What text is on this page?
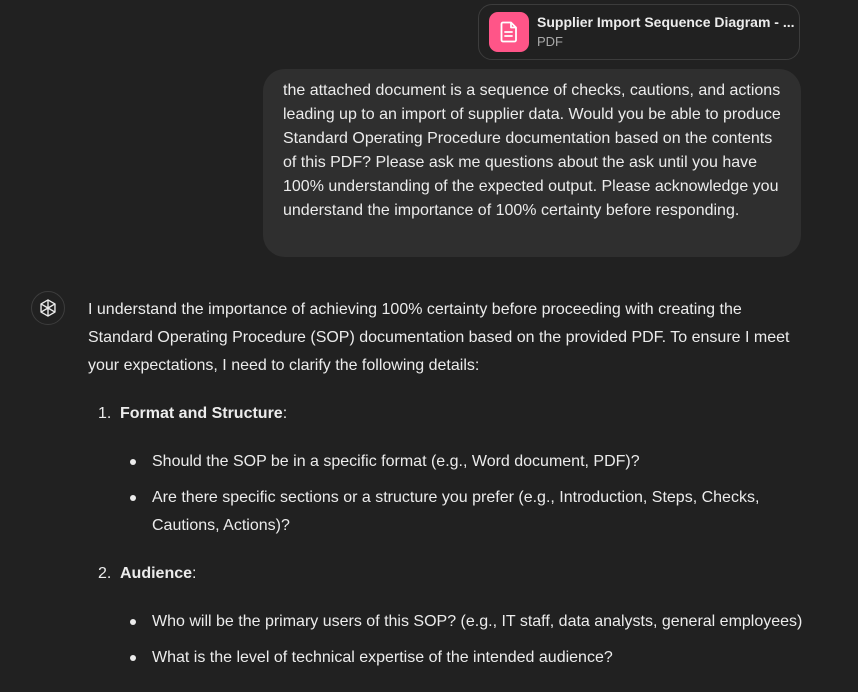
Supplier Import Sequence Diagram - ...
PDF
the attached document is a sequence of checks, cautions, and actions leading up to an import of supplier data. Would you be able to produce Standard Operating Procedure documentation based on the contents of this PDF? Please ask me questions about the ask until you have 100% understanding of the expected output. Please acknowledge you understand the importance of 100% certainty before responding.

I understand the importance of achieving 100% certainty before proceeding with creating the Standard Operating Procedure (SOP) documentation based on the provided PDF. To ensure I meet your expectations, I need to clarify the following details:

1. Format and Structure:
Should the SOP be in a specific format (e.g., Word document, PDF)?
Are there specific sections or a structure you prefer (e.g., Introduction, Steps, Checks, Cautions, Actions)?
2. Audience:
Who will be the primary users of this SOP? (e.g., IT staff, data analysts, general employees)
What is the level of technical expertise of the intended audience?
